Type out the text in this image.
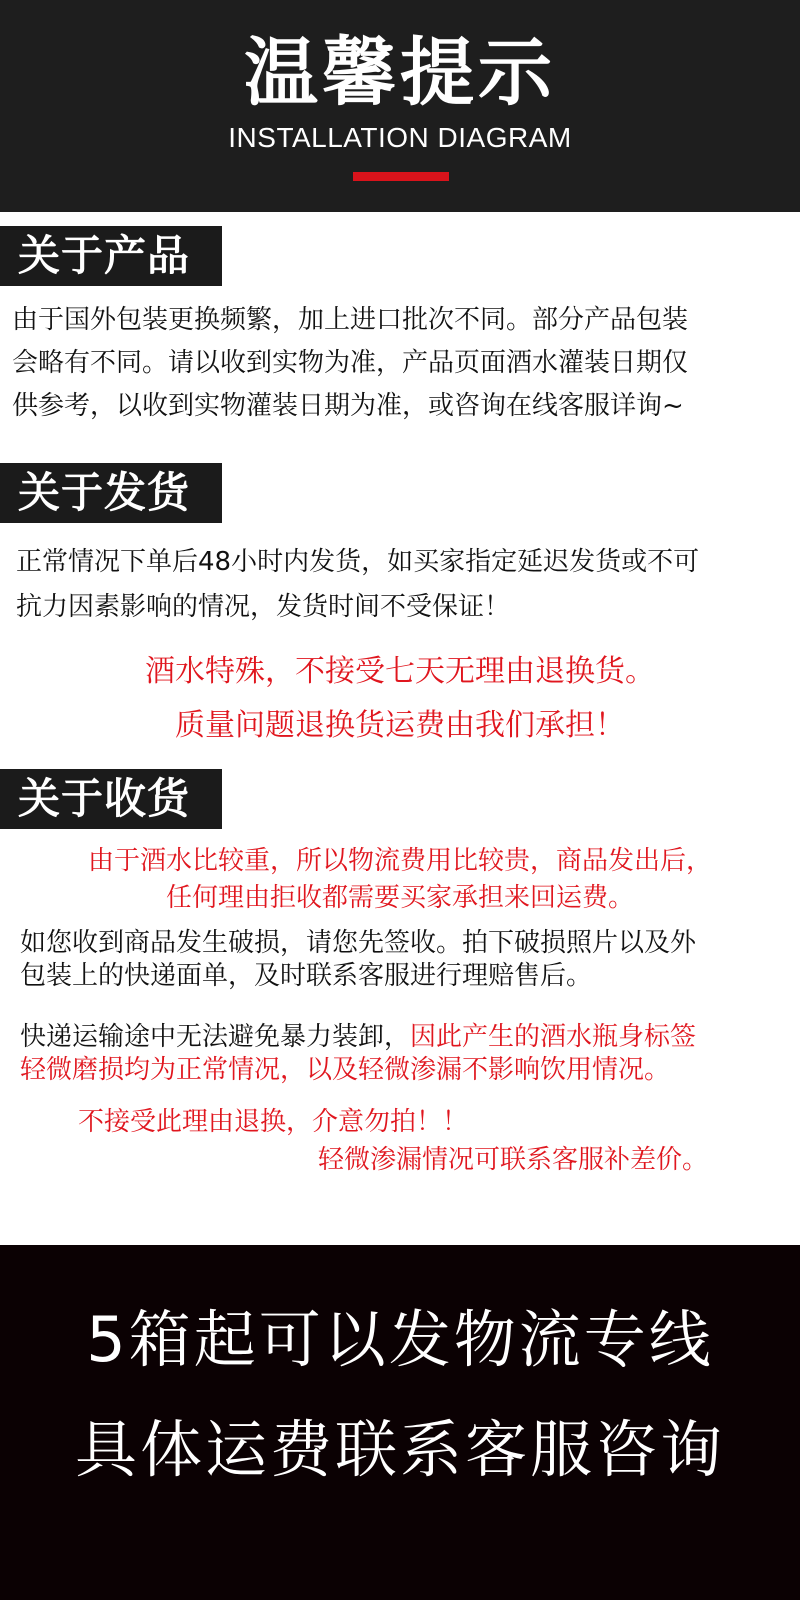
温馨提示
INSTALLATION DIAGRAM
关于产品
由于国外包装更换频繁，加上进口批次不同。部分产品包装
会略有不同。请以收到实物为准，产品页面酒水灌装日期仅
供参考，以收到实物灌装日期为准，或咨询在线客服详询~
关于发货
正常情况下单后48小时内发货，如买家指定延迟发货或不可
抗力因素影响的情况，发货时间不受保证！
酒水特殊，不接受七天无理由退换货。
质量问题退换货运费由我们承担！
关于收货
由于酒水比较重，所以物流费用比较贵，商品发出后，
任何理由拒收都需要买家承担来回运费。
如您收到商品发生破损，请您先签收。拍下破损照片以及外
包装上的快递面单，及时联系客服进行理赔售后。
快递运输途中无法避免暴力装卸，因此产生的酒水瓶身标签
轻微磨损均为正常情况，以及轻微渗漏不影响饮用情况。
不接受此理由退换，介意勿拍！！
轻微渗漏情况可联系客服补差价。
5箱起可以发物流专线
具体运费联系客服咨询
